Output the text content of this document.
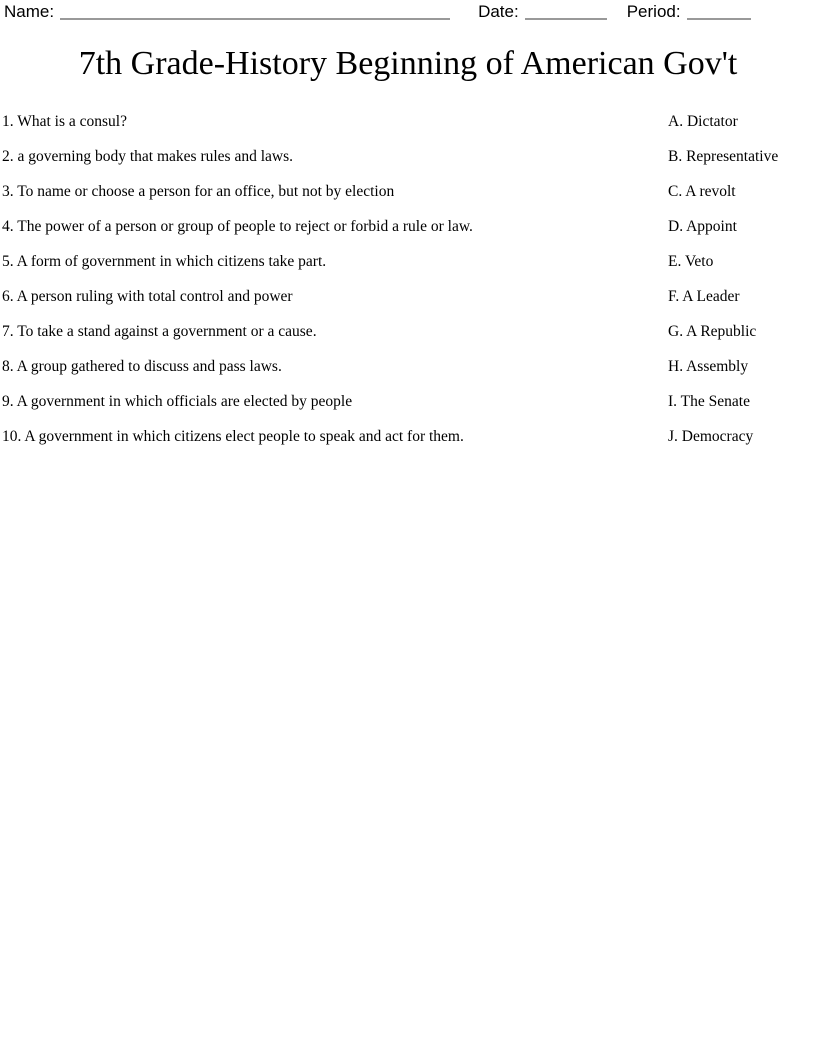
Name:	Date:	Period:
7th Grade-History Beginning of American Gov't
1. What is a consul?
2. a governing body that makes rules and laws.
3. To name or choose a person for an office, but not by election
4. The power of a person or group of people to reject or forbid a rule or law.
5. A form of government in which citizens take part.
6. A person ruling with total control and power
7. To take a stand against a government or a cause.
8. A group gathered to discuss and pass laws.
9. A government in which officials are elected by people
10. A government in which citizens elect people to speak and act for them.
A. Dictator
B. Representative
C. A revolt
D. Appoint
E. Veto
F. A Leader
G. A Republic
H. Assembly
I. The Senate
J. Democracy
